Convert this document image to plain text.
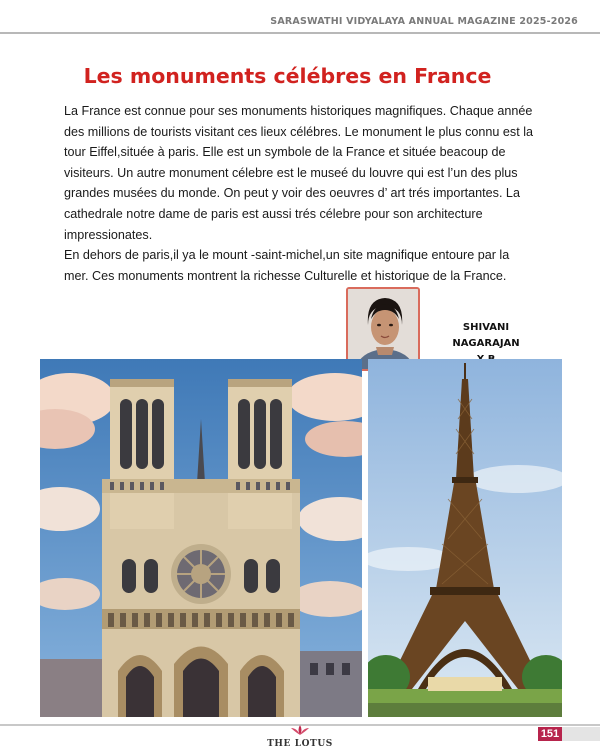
SARASWATHI VIDYALAYA ANNUAL MAGAZINE 2025-2026
Les monuments célébres en France

La France est connue pour ses monuments historiques magnifiques. Chaque année des millions de tourists visitant ces lieux célébres. Le monument le plus connu est la tour Eiffel,située à paris. Elle est un symbole de la France et située beacoup de visiteurs. Un autre monument célebre est le museé du louvre qui est l’un des plus grandes musées du monde. On peut y voir des oeuvres d’ art trés importantes. La cathedrale notre dame de paris est aussi trés célebre pour son architecture impressionates.

En dehors de paris,il ya le mount -saint-michel,un site magnifique entoure par la mer. Ces monuments montrent la richesse Culturelle et historique de la France.

SHIVANI NAGARAJAN
THE LOTUS
151
